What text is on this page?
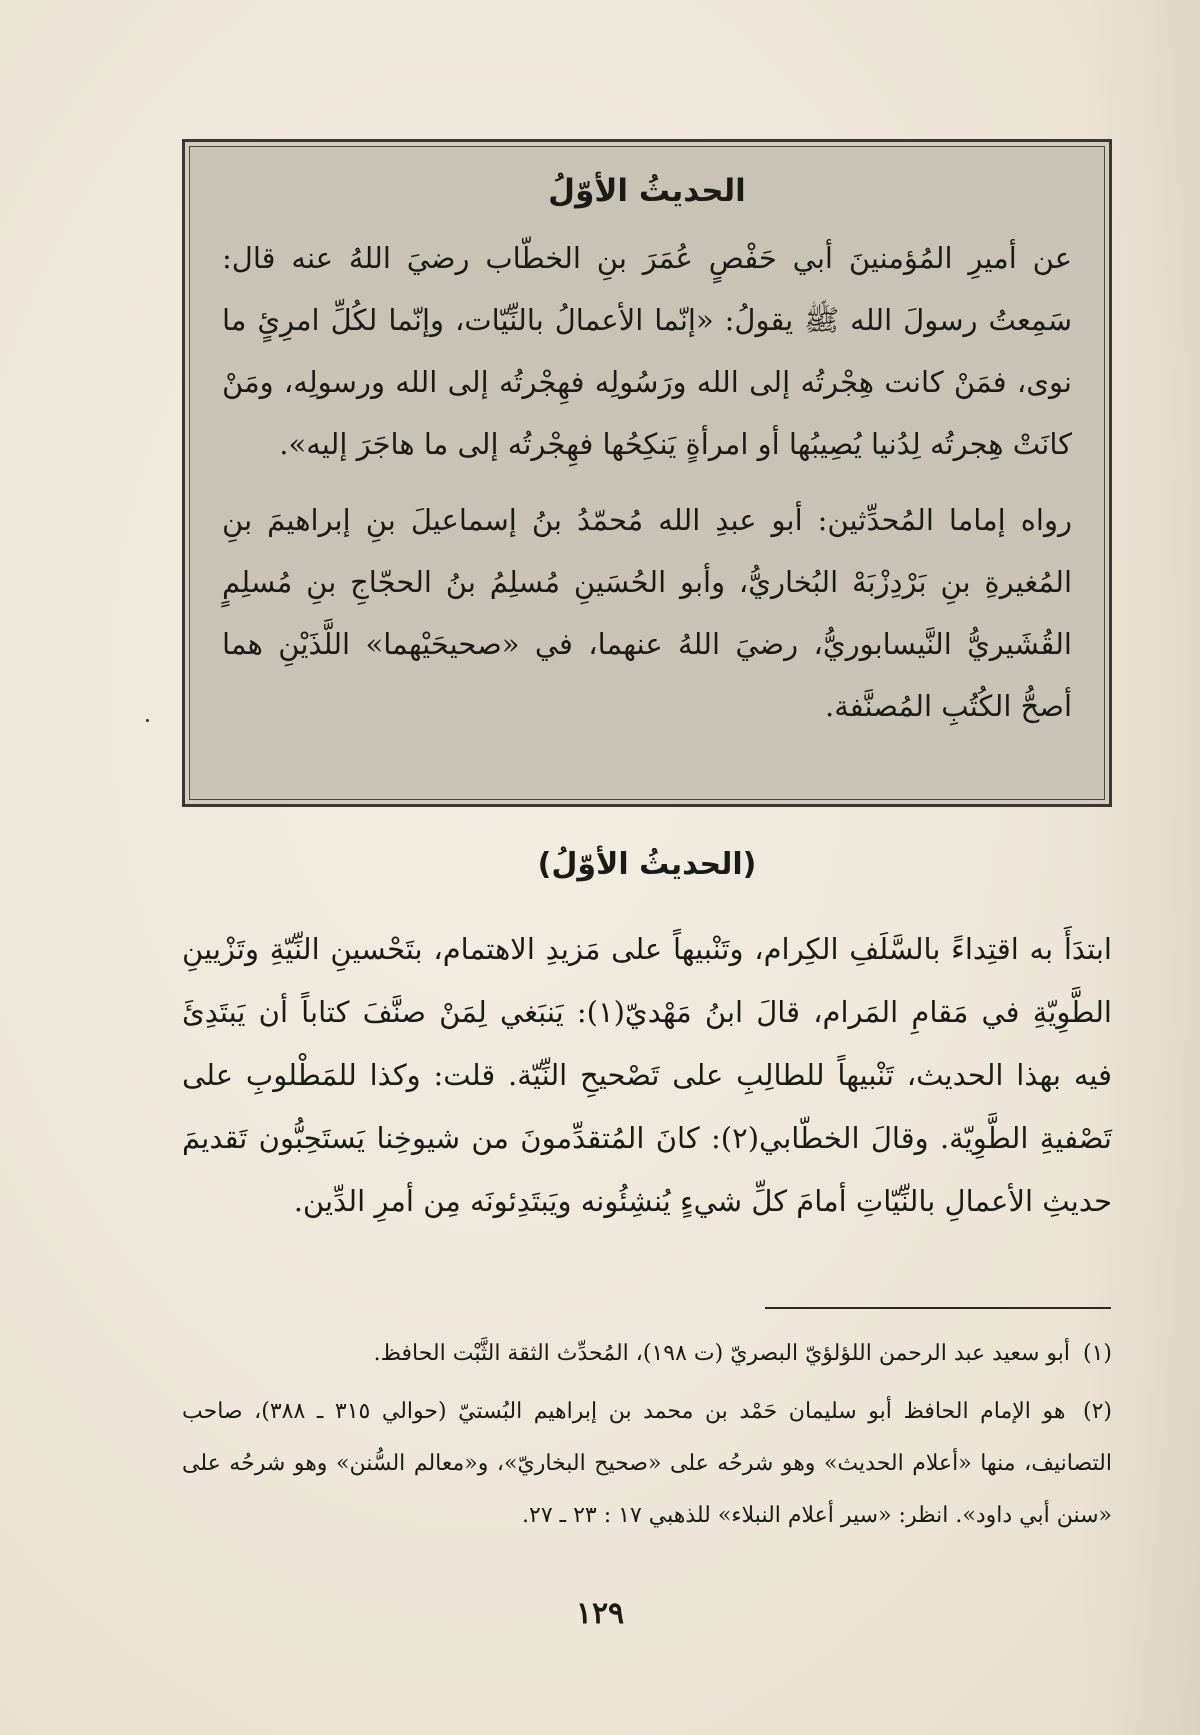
الحديثُ الأوّلُ

عن أميرِ المُؤمنينَ أبي حَفْصٍ عُمَرَ بنِ الخطّاب رضيَ اللهُ عنه قال: سَمِعتُ رسولَ الله ﷺ يقولُ: «إنّما الأعمالُ بالنِّيّات، وإنّما لكُلِّ امرِئٍ ما نوى، فمَنْ كانت هِجْرتُه إلى الله ورَسُولِه فهِجْرتُه إلى الله ورسولِه، ومَنْ كانَتْ هِجرتُه لِدُنيا يُصِيبُها أو امرأةٍ يَنكِحُها فهِجْرتُه إلى ما هاجَرَ إليه».

رواه إماما المُحدِّثين: أبو عبدِ الله مُحمّدُ بنُ إسماعيلَ بنِ إبراهيمَ بنِ المُغيرةِ بنِ بَرْدِزْبَهْ البُخاريُّ، وأبو الحُسَينِ مُسلِمُ بنُ الحجّاجِ بنِ مُسلِمٍ القُشَيريُّ النَّيسابوريُّ، رضيَ اللهُ عنهما، في «صحيحَيْهما» اللَّذَيْنِ هما أصحُّ الكُتُبِ المُصنَّفة.

(الحديثُ الأوّلُ)

ابتدَأَ به اقتِداءً بالسَّلَفِ الكِرام، وتَنْبيهاً على مَزيدِ الاهتمام، بتَحْسينِ النِّيّةِ وتَزْيينِ الطَّوِيّةِ في مَقامِ المَرام، قالَ ابنُ مَهْديّ(١): يَنبَغي لِمَنْ صنَّفَ كتاباً أن يَبتَدِئَ فيه بهذا الحديث، تَنْبيهاً للطالِبِ على تَصْحيحِ النِّيّة. قلت: وكذا للمَطْلوبِ على تَصْفيةِ الطَّوِيّة. وقالَ الخطّابي(٢): كانَ المُتقدِّمونَ من شيوخِنا يَستَحِبُّون تَقديمَ حديثِ الأعمالِ بالنِّيّاتِ أمامَ كلِّ شيءٍ يُنشِئُونه ويَبتَدِئونَه مِن أمرِ الدِّين.

(١) أبو سعيد عبد الرحمن اللؤلؤيّ البصريّ (ت ١٩٨)، المُحدِّث الثقة الثَّبْت الحافظ.
(٢) هو الإمام الحافظ أبو سليمان حَمْد بن محمد بن إبراهيم البُستيّ (حوالي ٣١٥ ـ ٣٨٨)، صاحب التصانيف، منها «أعلام الحديث» وهو شرحُه على «صحيح البخاريّ»، و«معالم السُّنن» وهو شرحُه على «سنن أبي داود». انظر: «سير أعلام النبلاء» للذهبي ١٧ : ٢٣ ـ ٢٧.
١٢٩
